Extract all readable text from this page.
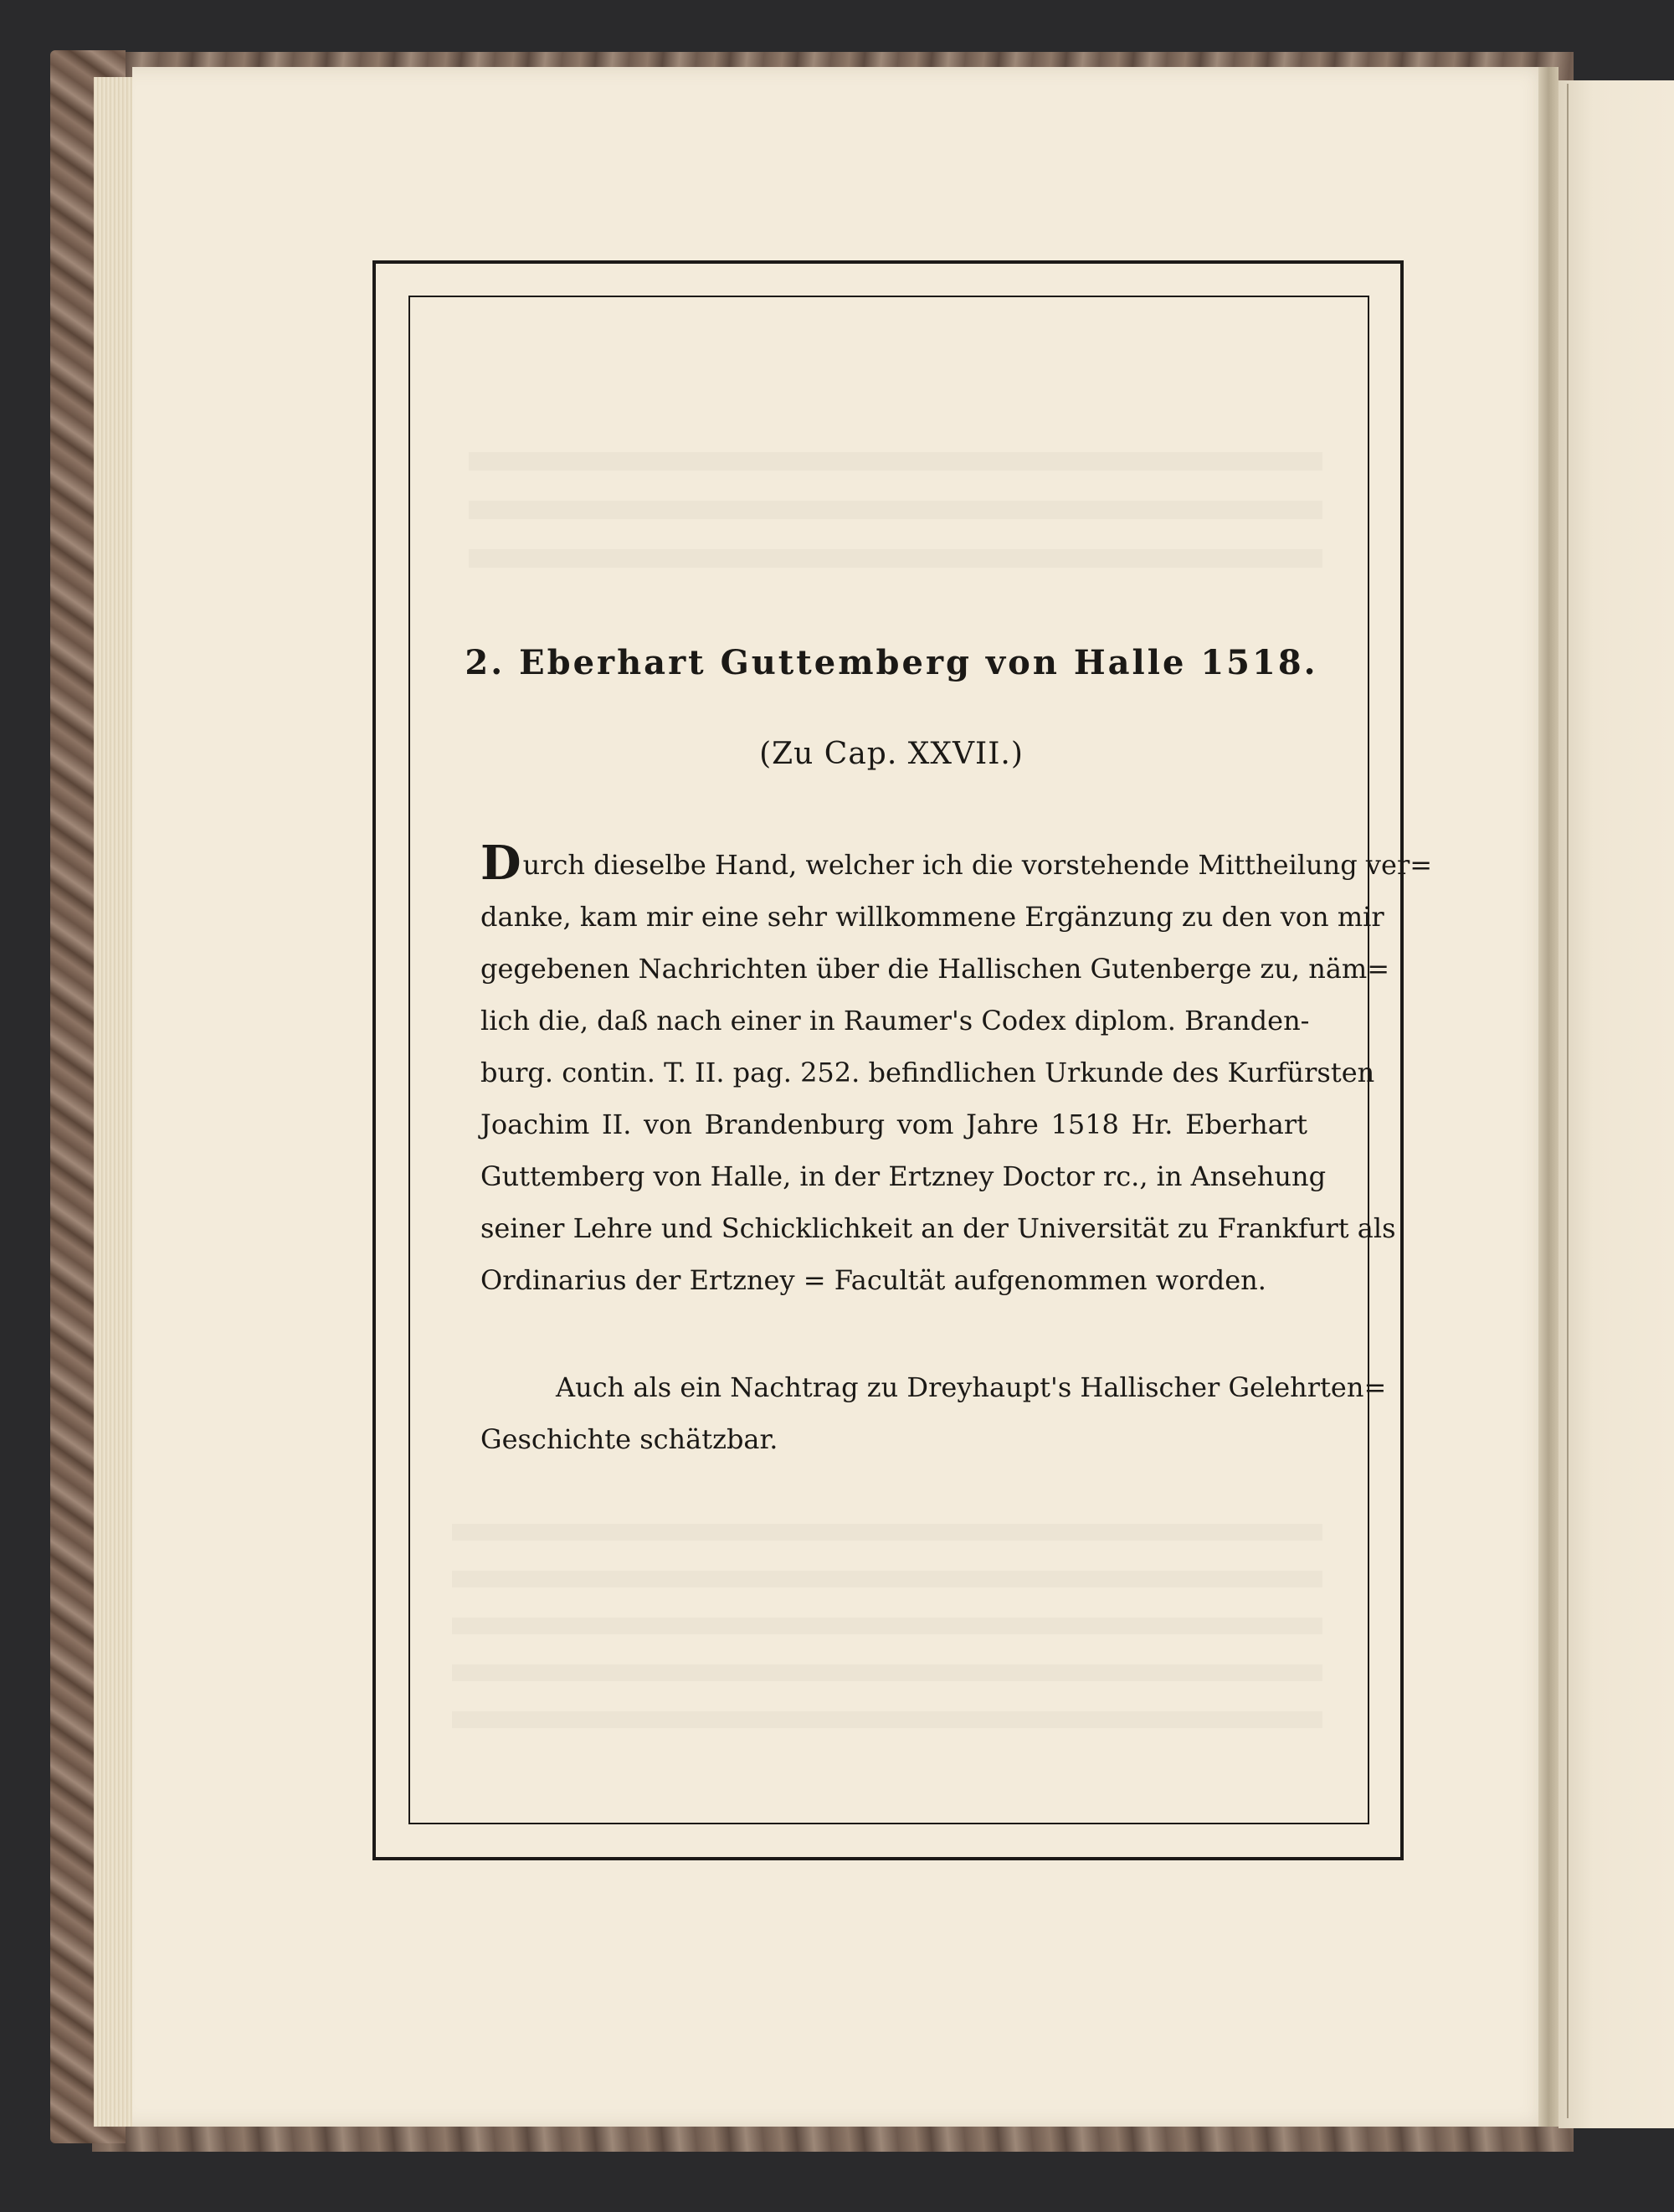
2. Eberhart Guttemberg von Halle 1518.
(Zu Cap. XXVII.)
Durch dieselbe Hand, welcher ich die vorstehende Mittheilung ver=
danke, kam mir eine sehr willkommene Ergänzung zu den von mir
gegebenen Nachrichten über die Hallischen Gutenberge zu, näm=
lich die, daß nach einer in Raumer's Codex diplom. Branden-
burg. contin. T. II. pag. 252. befindlichen Urkunde des Kurfürsten
Joachim II. von Brandenburg vom Jahre 1518 Hr. Eberhart
Guttemberg von Halle, in der Ertzney Doctor rc., in Ansehung
seiner Lehre und Schicklichkeit an der Universität zu Frankfurt als
Ordinarius der Ertzney = Facultät aufgenommen worden.
Auch als ein Nachtrag zu Dreyhaupt's Hallischer Gelehrten=
Geschichte schätzbar.
